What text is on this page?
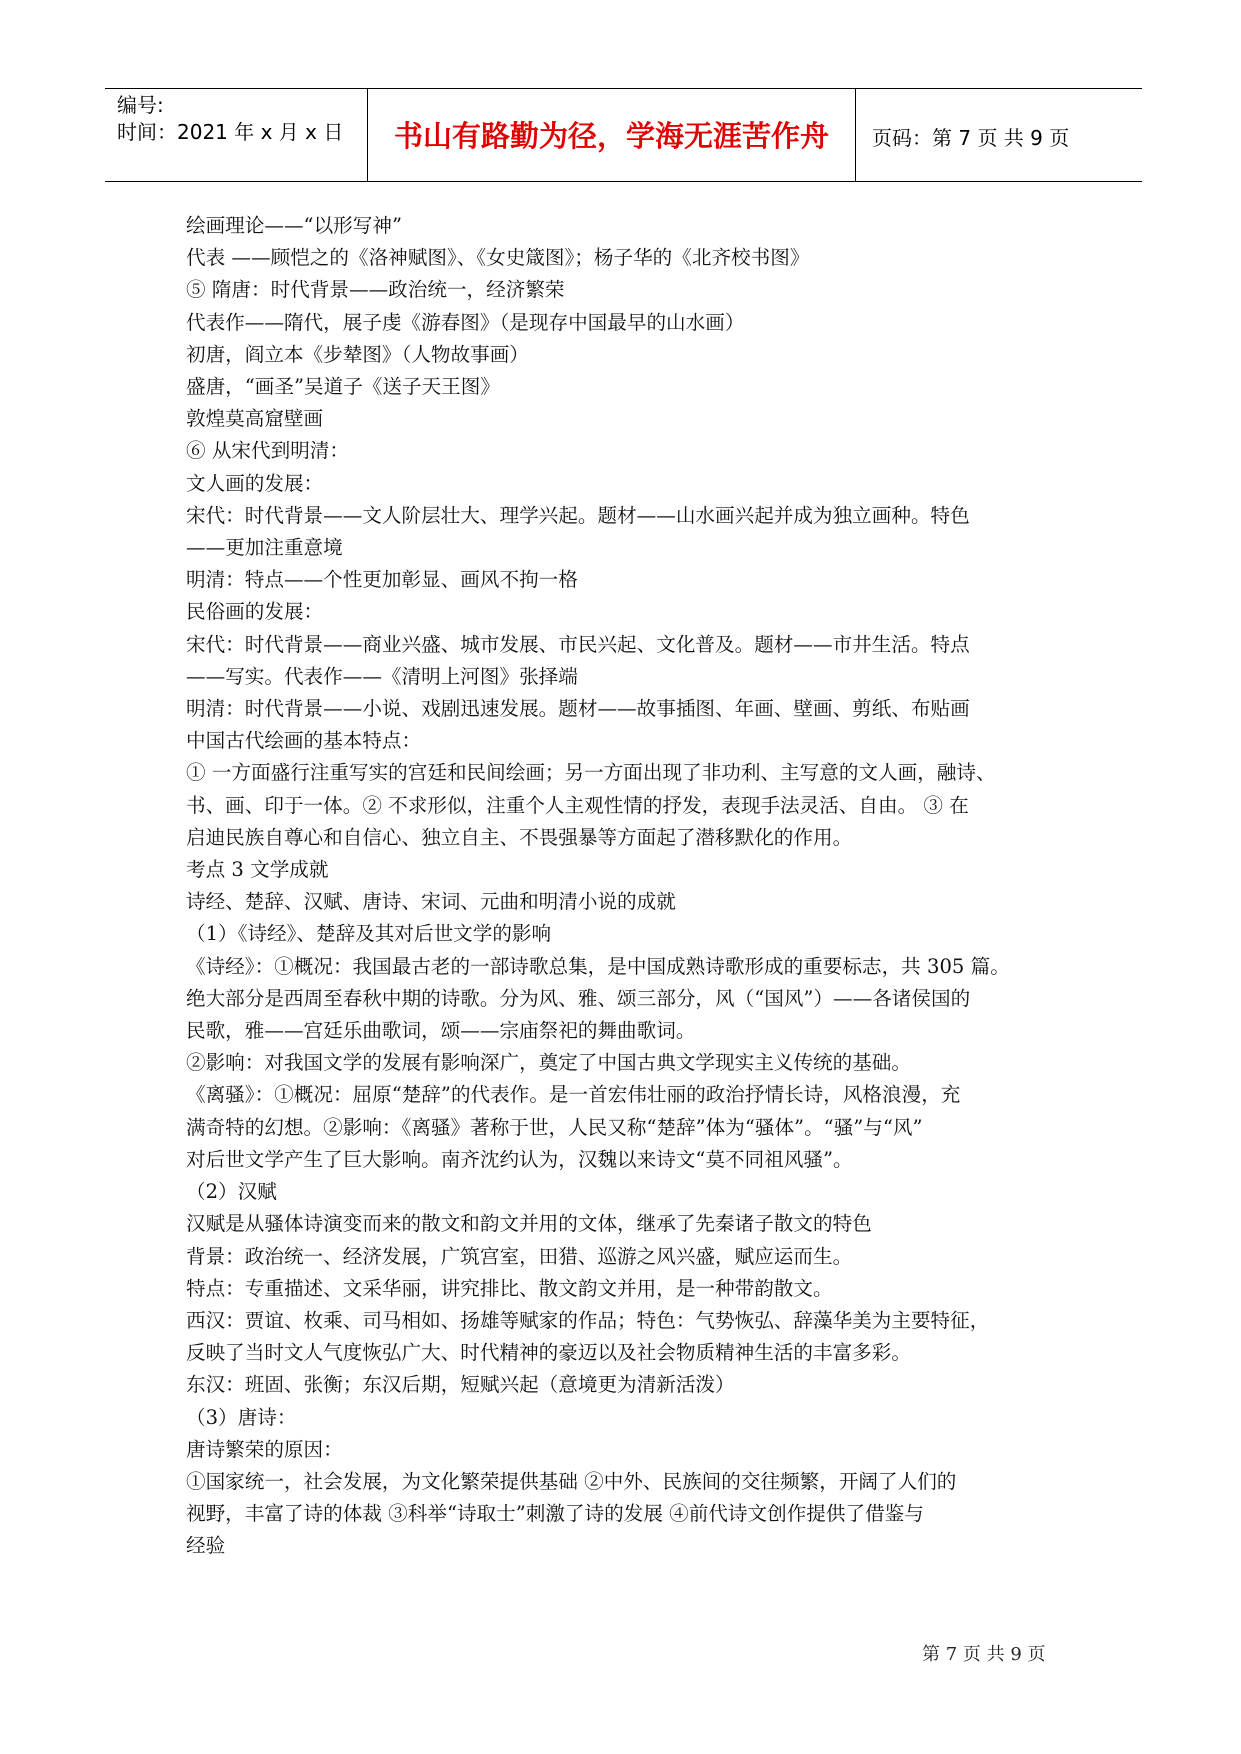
编号:
时间：2021 年 x 月 x 日	书山有路勤为径，学海无涯苦作舟	页码：第 7 页 共 9 页

绘画理论——“以形写神”

代表 ——顾恺之的《洛神赋图》、《女史箴图》；杨子华的《北齐校书图》

⑤ 隋唐：时代背景——政治统一，经济繁荣

代表作——隋代，展子虔《游春图》（是现存中国最早的山水画）

初唐，阎立本《步辇图》（人物故事画）

盛唐，“画圣”吴道子《送子天王图》

敦煌莫高窟壁画

⑥ 从宋代到明清：

文人画的发展：

宋代：时代背景——文人阶层壮大、理学兴起。题材——山水画兴起并成为独立画种。特色

——更加注重意境

明清：特点——个性更加彰显、画风不拘一格

民俗画的发展：

宋代：时代背景——商业兴盛、城市发展、市民兴起、文化普及。题材——市井生活。特点

——写实。代表作——《清明上河图》张择端

明清：时代背景——小说、戏剧迅速发展。题材——故事插图、年画、壁画、剪纸、布贴画

中国古代绘画的基本特点：

① 一方面盛行注重写实的宫廷和民间绘画；另一方面出现了非功利、主写意的文人画，融诗、

书、画、印于一体。② 不求形似，注重个人主观性情的抒发，表现手法灵活、自由。 ③ 在

启迪民族自尊心和自信心、独立自主、不畏强暴等方面起了潜移默化的作用。

考点 3 文学成就

诗经、楚辞、汉赋、唐诗、宋词、元曲和明清小说的成就

（1）《诗经》、楚辞及其对后世文学的影响

《诗经》：①概况：我国最古老的一部诗歌总集，是中国成熟诗歌形成的重要标志，共 305 篇。

绝大部分是西周至春秋中期的诗歌。分为风、雅、颂三部分，风（“国风”）——各诸侯国的

民歌，雅——宫廷乐曲歌词，颂——宗庙祭祀的舞曲歌词。

②影响：对我国文学的发展有影响深广，奠定了中国古典文学现实主义传统的基础。

《离骚》：①概况：屈原“楚辞”的代表作。是一首宏伟壮丽的政治抒情长诗，风格浪漫，充

满奇特的幻想。②影响：《离骚》著称于世，人民又称“楚辞”体为“骚体”。“骚”与“风”

对后世文学产生了巨大影响。南齐沈约认为，汉魏以来诗文“莫不同祖风骚”。

（2）汉赋

汉赋是从骚体诗演变而来的散文和韵文并用的文体，继承了先秦诸子散文的特色

背景：政治统一、经济发展，广筑宫室，田猎、巡游之风兴盛，赋应运而生。

特点：专重描述、文采华丽，讲究排比、散文韵文并用，是一种带韵散文。

西汉：贾谊、枚乘、司马相如、扬雄等赋家的作品；特色：气势恢弘、辞藻华美为主要特征，

反映了当时文人气度恢弘广大、时代精神的豪迈以及社会物质精神生活的丰富多彩。

东汉：班固、张衡；东汉后期，短赋兴起（意境更为清新活泼）

（3）唐诗：

唐诗繁荣的原因：

①国家统一，社会发展，为文化繁荣提供基础 ②中外、民族间的交往频繁，开阔了人们的

视野，丰富了诗的体裁 ③科举“诗取士”刺激了诗的发展 ④前代诗文创作提供了借鉴与

经验

第 7 页 共 9 页
